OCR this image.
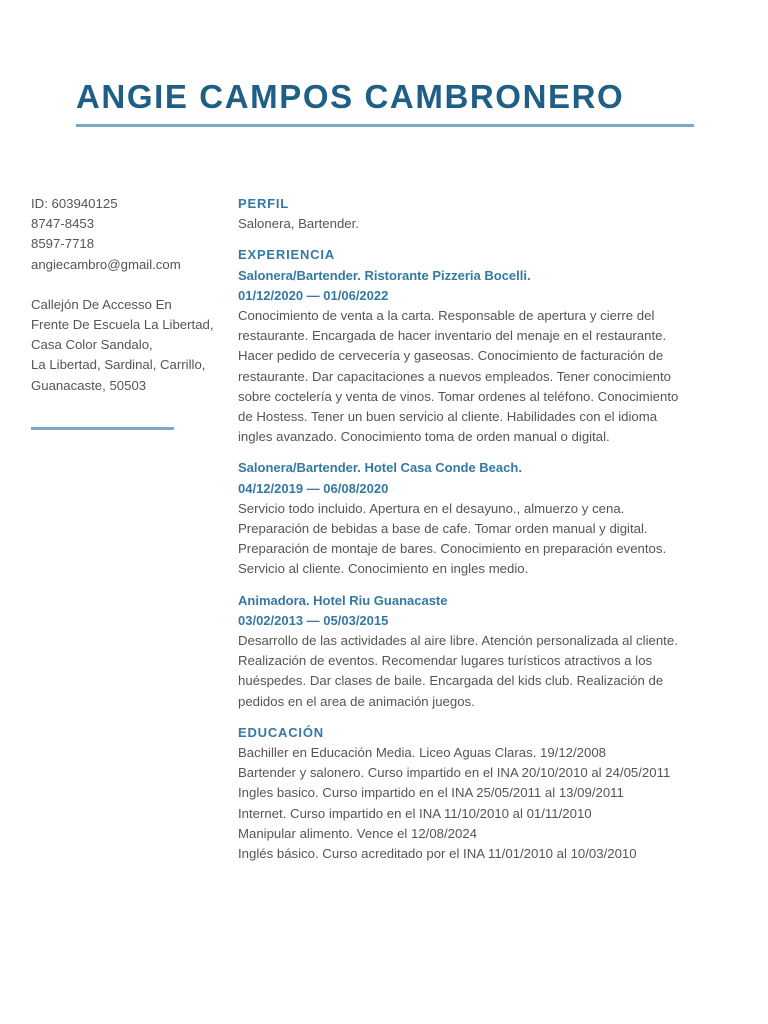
ANGIE CAMPOS CAMBRONERO
ID: 603940125
8747-8453
8597-7718
angiecambro@gmail.com
Callejón De Accesso En
Frente De Escuela La Libertad,
Casa Color Sandalo,
La Libertad, Sardinal, Carrillo,
Guanacaste, 50503
PERFIL

Salonera, Bartender.

EXPERIENCIA
Salonera/Bartender. Ristorante Pizzeria Bocelli.
01/12/2020 — 01/06/2022
Conocimiento de venta a la carta. Responsable de apertura y cierre del
restaurante. Encargada de hacer inventario del menaje en el restaurante.
Hacer pedido de cervecería y gaseosas. Conocimiento de facturación de
restaurante. Dar capacitaciones a nuevos empleados. Tener conocimiento
sobre coctelería y venta de vinos. Tomar ordenes al teléfono. Conocimiento
de Hostess. Tener un buen servicio al cliente. Habilidades con el idioma
ingles avanzado. Conocimiento toma de orden manual o digital.
Salonera/Bartender. Hotel Casa Conde Beach.
04/12/2019 — 06/08/2020
Servicio todo incluido. Apertura en el desayuno., almuerzo y cena.
Preparación de bebidas a base de cafe. Tomar orden manual y digital.
Preparación de montaje de bares. Conocimiento en preparación eventos.
Servicio al cliente. Conocimiento en ingles medio.
Animadora. Hotel Riu Guanacaste
03/02/2013 — 05/03/2015
Desarrollo de las actividades al aire libre. Atención personalizada al cliente.
Realización de eventos. Recomendar lugares turísticos atractivos a los
huéspedes. Dar clases de baile. Encargada del kids club. Realización de
pedidos en el area de animación juegos.
EDUCACIÓN
Bachiller en Educación Media. Liceo Aguas Claras. 19/12/2008
Bartender y salonero. Curso impartido en el INA 20/10/2010 al 24/05/2011
Ingles basico. Curso impartido en el INA 25/05/2011 al 13/09/2011
Internet. Curso impartido en el INA 11/10/2010 al 01/11/2010
Manipular alimento. Vence el 12/08/2024
Inglés básico. Curso acreditado por el INA 11/01/2010 al 10/03/2010
